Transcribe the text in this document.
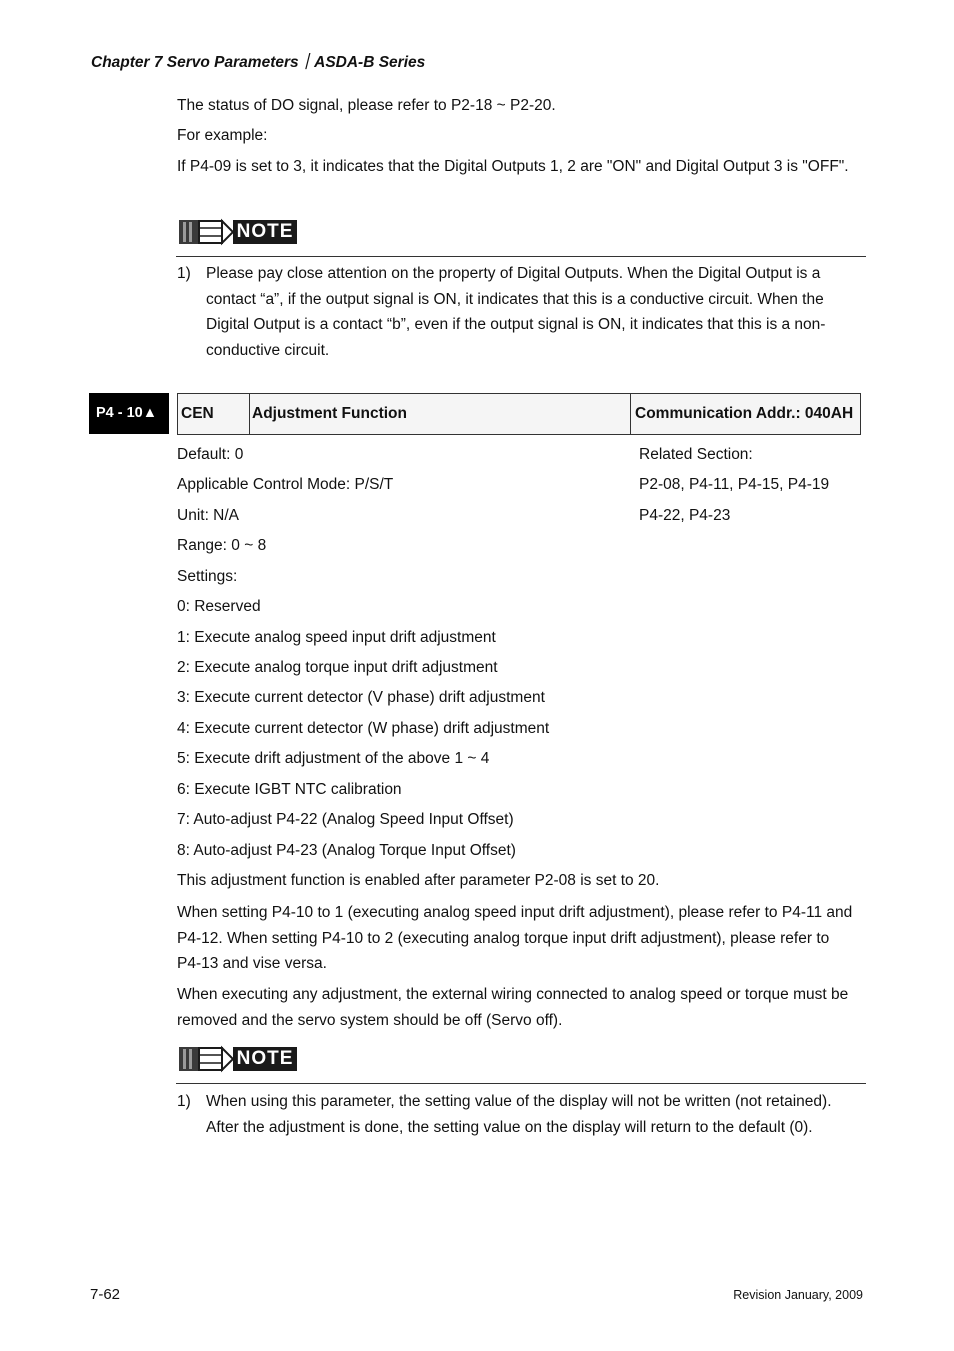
Chapter 7 Servo Parameters｜ASDA-B Series

The status of DO signal, please refer to P2-18 ~ P2-20.

For example:

If P4-09 is set to 3, it indicates that the Digital Outputs 1, 2 are "ON" and Digital Output 3 is "OFF".

NOTE
1) Please pay close attention on the property of Digital Outputs. When the Digital Output is a contact “a”, if the output signal is ON, it indicates that this is a conductive circuit. When the Digital Output is a contact “b”, even if the output signal is ON, it indicates that this is a non-conductive circuit.
P4 - 10▲	CEN Adjustment Function	Communication Addr.: 040AH
Default: 0
Applicable Control Mode: P/S/T
Unit: N/A
Range: 0 ~ 8
Settings:
Related Section:
P2-08, P4-11, P4-15, P4-19
P4-22, P4-23
0: Reserved
1: Execute analog speed input drift adjustment
2: Execute analog torque input drift adjustment
3: Execute current detector (V phase) drift adjustment
4: Execute current detector (W phase) drift adjustment
5: Execute drift adjustment of the above 1 ~ 4
6: Execute IGBT NTC calibration
7: Auto-adjust P4-22 (Analog Speed Input Offset)
8: Auto-adjust P4-23 (Analog Torque Input Offset)
This adjustment function is enabled after parameter P2-08 is set to 20.

When setting P4-10 to 1 (executing analog speed input drift adjustment), please refer to P4-11 and P4-12. When setting P4-10 to 2 (executing analog torque input drift adjustment), please refer to P4-13 and vise versa.

When executing any adjustment, the external wiring connected to analog speed or torque must be removed and the servo system should be off (Servo off).

NOTE
1) When using this parameter, the setting value of the display will not be written (not retained). After the adjustment is done, the setting value on the display will return to the default (0).
7-62	Revision January, 2009
